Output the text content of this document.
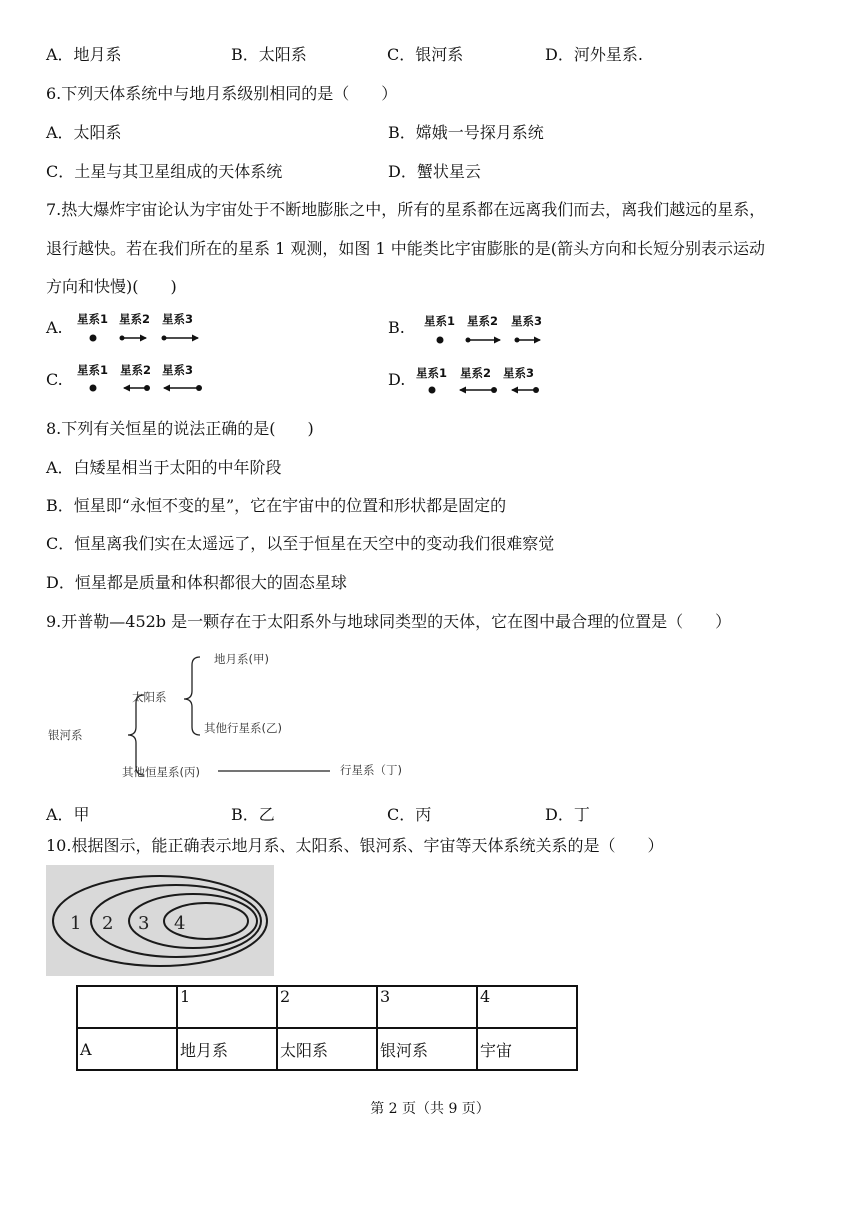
A．地月系	B．太阳系	C．银河系	D．河外星系.
6.下列天体系统中与地月系级别相同的是（　　）
A．太阳系	B．嫦娥一号探月系统
C．土星与其卫星组成的天体系统	D．蟹状星云
7.热大爆炸宇宙论认为宇宙处于不断地膨胀之中，所有的星系都在远离我们而去，离我们越远的星系，
退行越快。若在我们所在的星系 1 观测，如图 1 中能类比宇宙膨胀的是(箭头方向和长短分别表示运动
方向和快慢)(　　)
A.	B.
C.	D.
星系1 星系2 星系3	星系1 星系2 星系3
星系1 星系2 星系3	星系1 星系2 星系3
8.下列有关恒星的说法正确的是(　　)
A．白矮星相当于太阳的中年阶段
B．恒星即“永恒不变的星”，它在宇宙中的位置和形状都是固定的
C．恒星离我们实在太遥远了，以至于恒星在天空中的变动我们很难察觉
D．恒星都是质量和体积都很大的固态星球
9.开普勒—452b 是一颗存在于太阳系外与地球同类型的天体，它在图中最合理的位置是（　　）
银河系
太阳系
地月系(甲)
其他行星系(乙)
其他恒星系(丙)	行星系（丁)
A．甲	B．乙	C．丙	D．丁
10.根据图示，能正确表示地月系、太阳系、银河系、宇宙等天体系统关系的是（　　）
1 2 3 4
	1	2	3	4
A	地月系	太阳系	银河系	宇宙
第 2 页（共 9 页）
